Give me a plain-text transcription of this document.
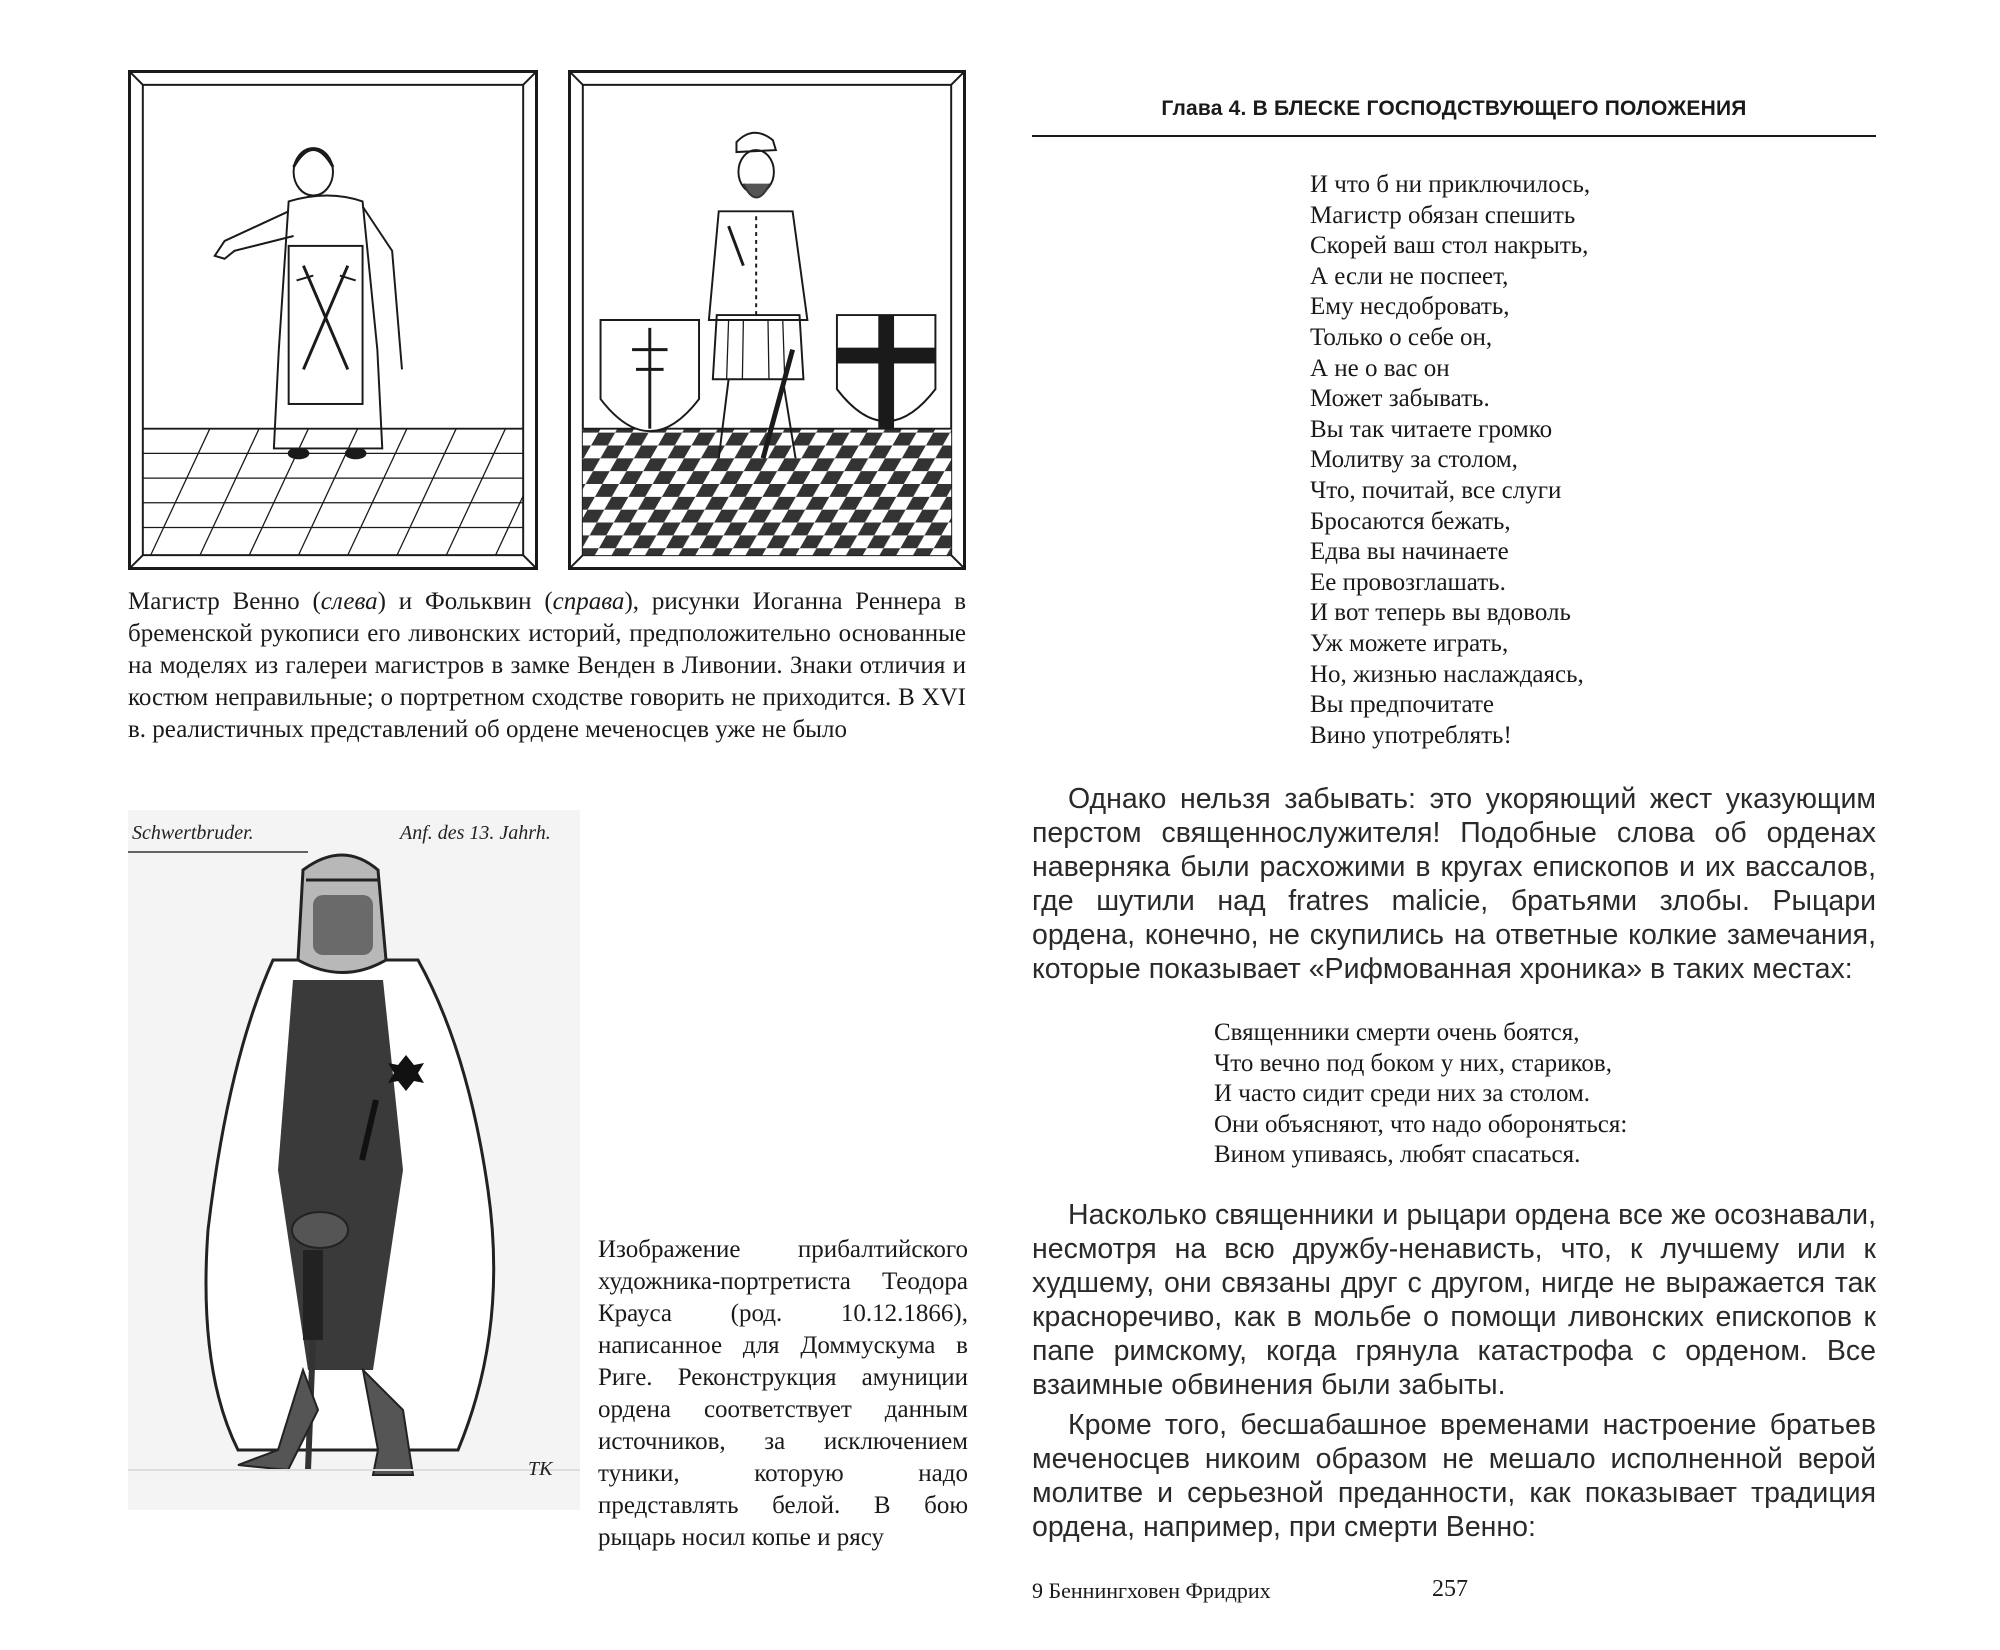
Магистр Венно (слева) и Фольквин (справа), рисунки Иоганна Реннера в бременской рукописи его ливонских историй, предположительно основанные на моделях из галереи магистров в замке Венден в Ливонии. Знаки отличия и костюм неправильные; о портретном сходстве говорить не приходится. В XVI в. реалистичных представлений об ордене меченосцев уже не было

Schwertbruder.	Anf. des 13. Jahrh.
TK

Изображение прибалтийского художника-портретиста Теодора Крауса (род. 10.12.1866), написанное для Доммускума в Риге. Реконструкция амуниции ордена соответствует данным источников, за исключением туники, которую надо представлять белой. В бою рыцарь носил копье и рясу

Глава 4. В БЛЕСКЕ ГОСПОДСТВУЮЩЕГО ПОЛОЖЕНИЯ
И что б ни приключилось,
Магистр обязан спешить
Скорей ваш стол накрыть,
А если не поспеет,
Ему несдобровать,
Только о себе он,
А не о вас он
Может забывать.
Вы так читаете громко
Молитву за столом,
Что, почитай, все слуги
Бросаются бежать,
Едва вы начинаете
Ее провозглашать.
И вот теперь вы вдоволь
Уж можете играть,
Но, жизнью наслаждаясь,
Вы предпочитате
Вино употреблять!

Однако нельзя забывать: это укоряющий жест указующим перстом священнослужителя! Подобные слова об орденах наверняка были расхожими в кругах епископов и их вассалов, где шутили над fratres malicie, братьями злобы. Рыцари ордена, конечно, не скупились на ответные колкие замечания, которые показывает «Рифмованная хроника» в таких местах:

Священники смерти очень боятся,
Что вечно под боком у них, стариков,
И часто сидит среди них за столом.
Они объясняют, что надо обороняться:
Вином упиваясь, любят спасаться.

Насколько священники и рыцари ордена все же осознавали, несмотря на всю дружбу-ненависть, что, к лучшему или к худшему, они связаны друг с другом, нигде не выражается так красноречиво, как в мольбе о помощи ливонских епископов к папе римскому, когда грянула катастрофа с орденом. Все взаимные обвинения были забыты.

Кроме того, бесшабашное временами настроение братьев меченосцев никоим образом не мешало исполненной верой молитве и серьезной преданности, как показывает традиция ордена, например, при смерти Венно:

9 Беннингховен Фридрих	257
